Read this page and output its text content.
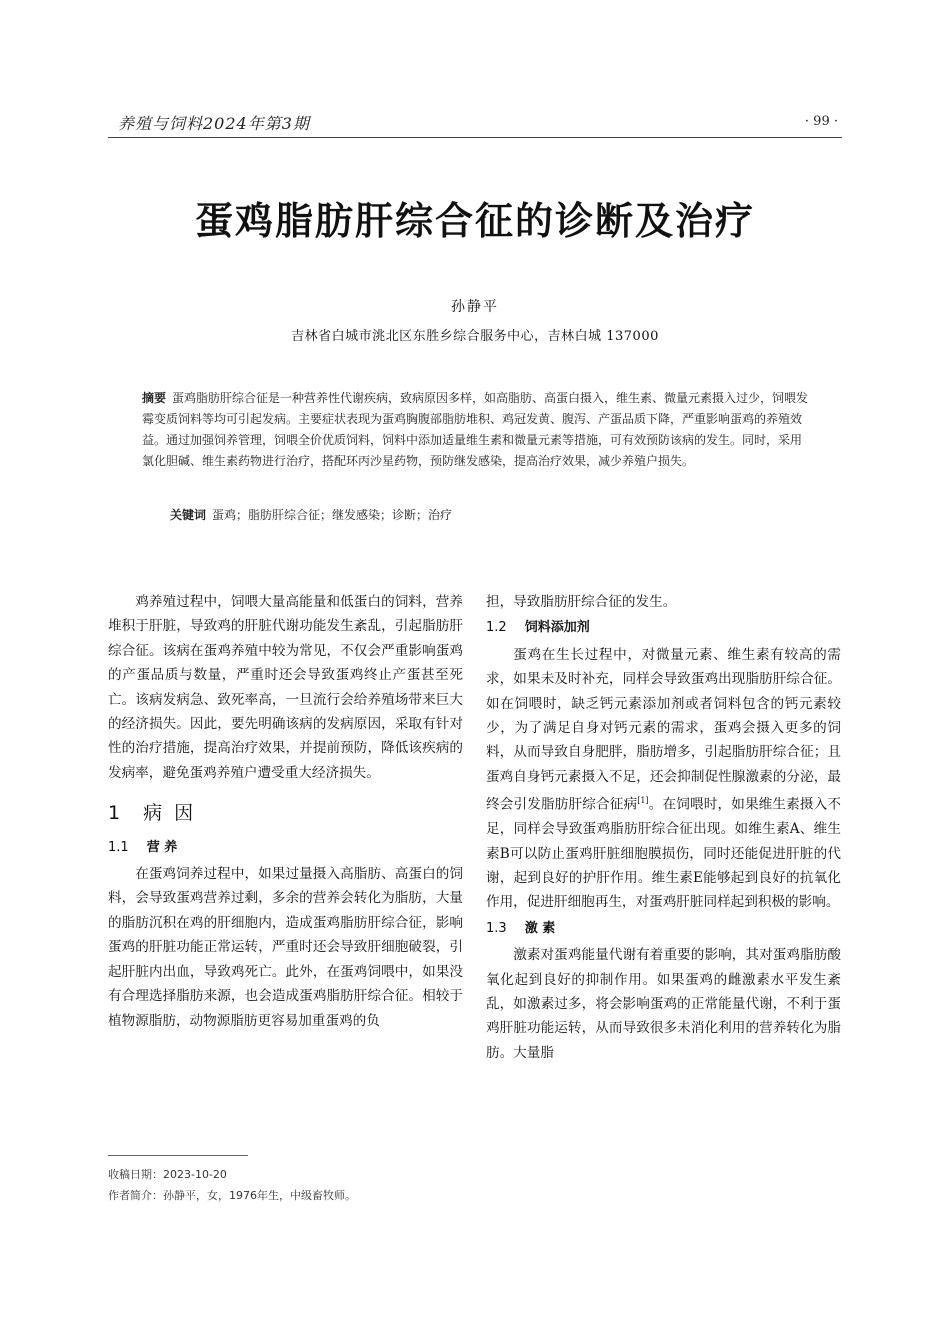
养殖与饲料2024年第3期	· 99 ·
蛋鸡脂肪肝综合征的诊断及治疗
孙静平
吉林省白城市洮北区东胜乡综合服务中心，吉林白城 137000
摘要 蛋鸡脂肪肝综合征是一种营养性代谢疾病，致病原因多样，如高脂肪、高蛋白摄入，维生素、微量元素摄入过少，饲喂发霉变质饲料等均可引起发病。主要症状表现为蛋鸡胸腹部脂肪堆积、鸡冠发黄、腹泻、产蛋品质下降，严重影响蛋鸡的养殖效益。通过加强饲养管理，饲喂全价优质饲料，饲料中添加适量维生素和微量元素等措施，可有效预防该病的发生。同时，采用氯化胆碱、维生素药物进行治疗，搭配环丙沙星药物，预防继发感染，提高治疗效果，减少养殖户损失。
关键词 蛋鸡；脂肪肝综合征；继发感染；诊断；治疗

鸡养殖过程中，饲喂大量高能量和低蛋白的饲料，营养堆积于肝脏，导致鸡的肝脏代谢功能发生紊乱，引起脂肪肝综合征。该病在蛋鸡养殖中较为常见，不仅会严重影响蛋鸡的产蛋品质与数量，严重时还会导致蛋鸡终止产蛋甚至死亡。该病发病急、致死率高，一旦流行会给养殖场带来巨大的经济损失。因此，要先明确该病的发病原因，采取有针对性的治疗措施，提高治疗效果，并提前预防，降低该疾病的发病率，避免蛋鸡养殖户遭受重大经济损失。

1 病 因
1.1 营 养

在蛋鸡饲养过程中，如果过量摄入高脂肪、高蛋白的饲料，会导致蛋鸡营养过剩，多余的营养会转化为脂肪，大量的脂肪沉积在鸡的肝细胞内，造成蛋鸡脂肪肝综合征，影响蛋鸡的肝脏功能正常运转，严重时还会导致肝细胞破裂，引起肝脏内出血，导致鸡死亡。此外，在蛋鸡饲喂中，如果没有合理选择脂肪来源，也会造成蛋鸡脂肪肝综合征。相较于植物源脂肪，动物源脂肪更容易加重蛋鸡的负

担，导致脂肪肝综合征的发生。

1.2 饲料添加剂

蛋鸡在生长过程中，对微量元素、维生素有较高的需求，如果未及时补充，同样会导致蛋鸡出现脂肪肝综合征。如在饲喂时，缺乏钙元素添加剂或者饲料包含的钙元素较少，为了满足自身对钙元素的需求，蛋鸡会摄入更多的饲料，从而导致自身肥胖，脂肪增多，引起脂肪肝综合征；且蛋鸡自身钙元素摄入不足，还会抑制促性腺激素的分泌，最终会引发脂肪肝综合征病[1]。在饲喂时，如果维生素摄入不足，同样会导致蛋鸡脂肪肝综合征出现。如维生素A、维生素B可以防止蛋鸡肝脏细胞膜损伤，同时还能促进肝脏的代谢，起到良好的护肝作用。维生素E能够起到良好的抗氧化作用，促进肝细胞再生，对蛋鸡肝脏同样起到积极的影响。

1.3 激 素

激素对蛋鸡能量代谢有着重要的影响，其对蛋鸡脂肪酸氧化起到良好的抑制作用。如果蛋鸡的雌激素水平发生紊乱，如激素过多，将会影响蛋鸡的正常能量代谢，不利于蛋鸡肝脏功能运转，从而导致很多未消化利用的营养转化为脂肪。大量脂

收稿日期：2023-10-20
作者简介：孙静平，女，1976年生，中级畜牧师。
